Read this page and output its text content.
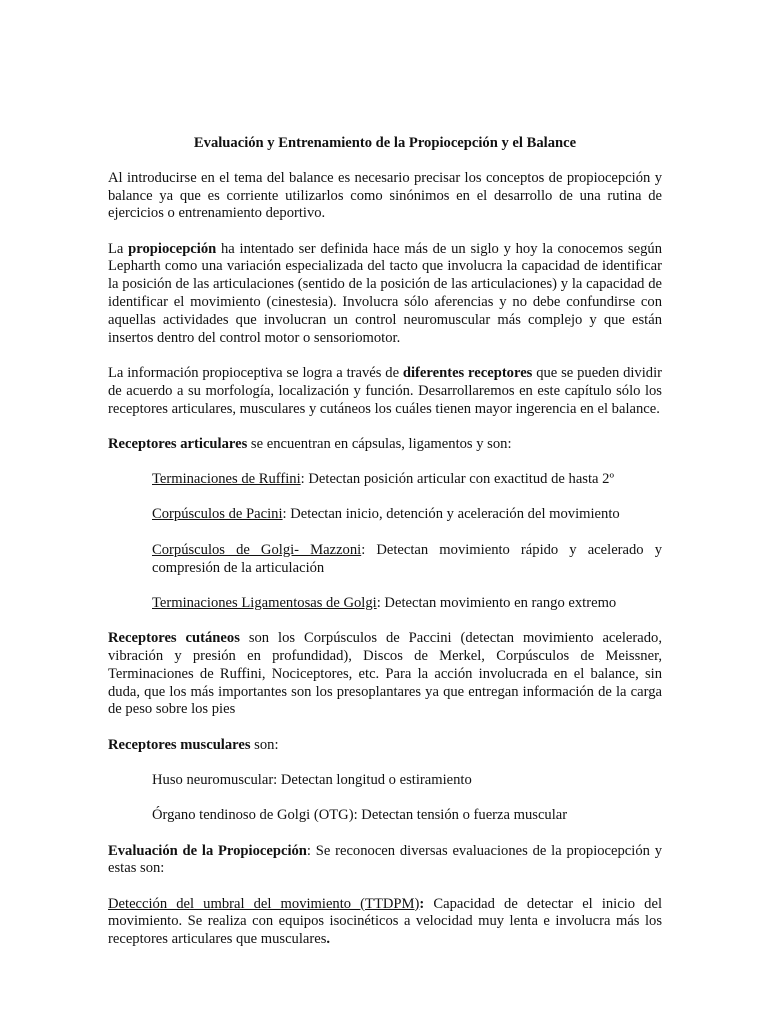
Evaluación y Entrenamiento de la Propiocepción y el Balance

Al introducirse en el tema del balance es necesario precisar los conceptos de propiocepción y balance ya que es corriente utilizarlos como sinónimos en el desarrollo de una rutina de ejercicios o entrenamiento deportivo.

La propiocepción ha intentado ser definida hace más de un siglo y hoy la conocemos según Lepharth como una variación especializada del tacto que involucra la capacidad de identificar la posición de las articulaciones (sentido de la posición de las articulaciones) y la capacidad de identificar el movimiento (cinestesia). Involucra sólo aferencias y no debe confundirse con aquellas actividades que involucran un control neuromuscular más complejo y que están insertos dentro del control motor o sensoriomotor.

La información propioceptiva se logra a través de diferentes receptores que se pueden dividir de acuerdo a su morfología, localización y función. Desarrollaremos en este capítulo sólo los receptores articulares, musculares y cutáneos los cuáles tienen mayor ingerencia en el balance.

Receptores articulares se encuentran en cápsulas, ligamentos y son:

Terminaciones de Ruffini: Detectan posición articular con exactitud de hasta 2º

Corpúsculos de Pacini: Detectan inicio, detención y aceleración del movimiento

Corpúsculos de Golgi- Mazzoni: Detectan movimiento rápido y acelerado y compresión de la articulación

Terminaciones Ligamentosas de Golgi: Detectan movimiento en rango extremo

Receptores cutáneos son los Corpúsculos de Paccini (detectan movimiento acelerado, vibración y presión en profundidad), Discos de Merkel, Corpúsculos de Meissner, Terminaciones de Ruffini, Nociceptores, etc. Para la acción involucrada en el balance, sin duda, que los más importantes son los presoplantares ya que entregan información de la carga de peso sobre los pies

Receptores musculares son:

Huso neuromuscular: Detectan longitud o estiramiento

Órgano tendinoso de Golgi (OTG): Detectan tensión o fuerza muscular

Evaluación de la Propiocepción: Se reconocen diversas evaluaciones de la propiocepción y estas son:

Detección del umbral del movimiento (TTDPM): Capacidad de detectar el inicio del movimiento. Se realiza con equipos isocinéticos a velocidad muy lenta e involucra más los receptores articulares que musculares.
